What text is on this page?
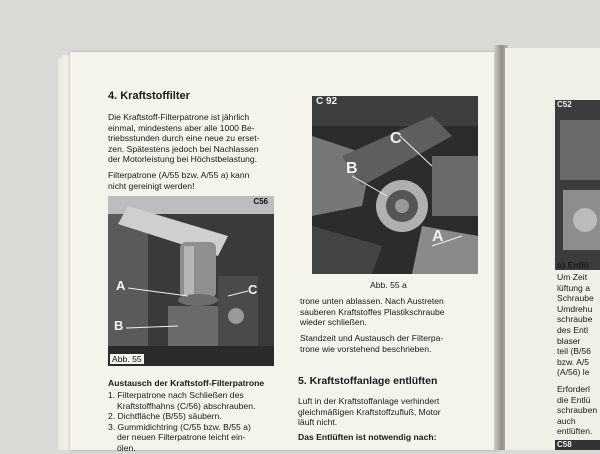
4. Kraftstoffilter
Die Kraftstoff-Filterpatrone ist jährlich
einmal, mindestens aber alle 1000 Be-
triebsstunden durch eine neue zu erset-
zen. Spätestens jedoch bei Nachlassen
der Motorleistung bei Höchstbelastung.
Filterpatrone (A/55 bzw. A/55 a) kann
nicht gereinigt werden!
C56
A	C
B
Abb. 55
Austausch der Kraftstoff-Filterpatrone
1. Filterpatrone nach Schließen des
Kraftstoffhahns (C/56) abschrauben.
2. Dichtfläche (B/55) säubern.
3. Gummidichtring (C/55 bzw. B/55 a)
der neuen Filterpatrone leicht ein-
ölen.
C 92
B
C
A
Abb. 55 a
trone unten ablassen. Nach Austreten
sauberen Kraftstoffes Plastikschraube
wieder schließen.
Standzeit und Austausch der Filterpa-
trone wie vorstehend beschrieben.
5. Kraftstoffanlage entlüften
Luft in der Kraftstoffanlage verhindert
gleichmäßigen Kraftstoffzufluß, Motor
läuft nicht.
Das Entlüften ist notwendig nach:
C52
b) Entlü
Um Zeit
lüftung a
Schraube
Umdrehu
schraube
des Entl
blaser
teil (B/56
bzw. A/5
(A/56) le
Erforderl
die Entlü
schrauben
auch
entlüften.
C58
